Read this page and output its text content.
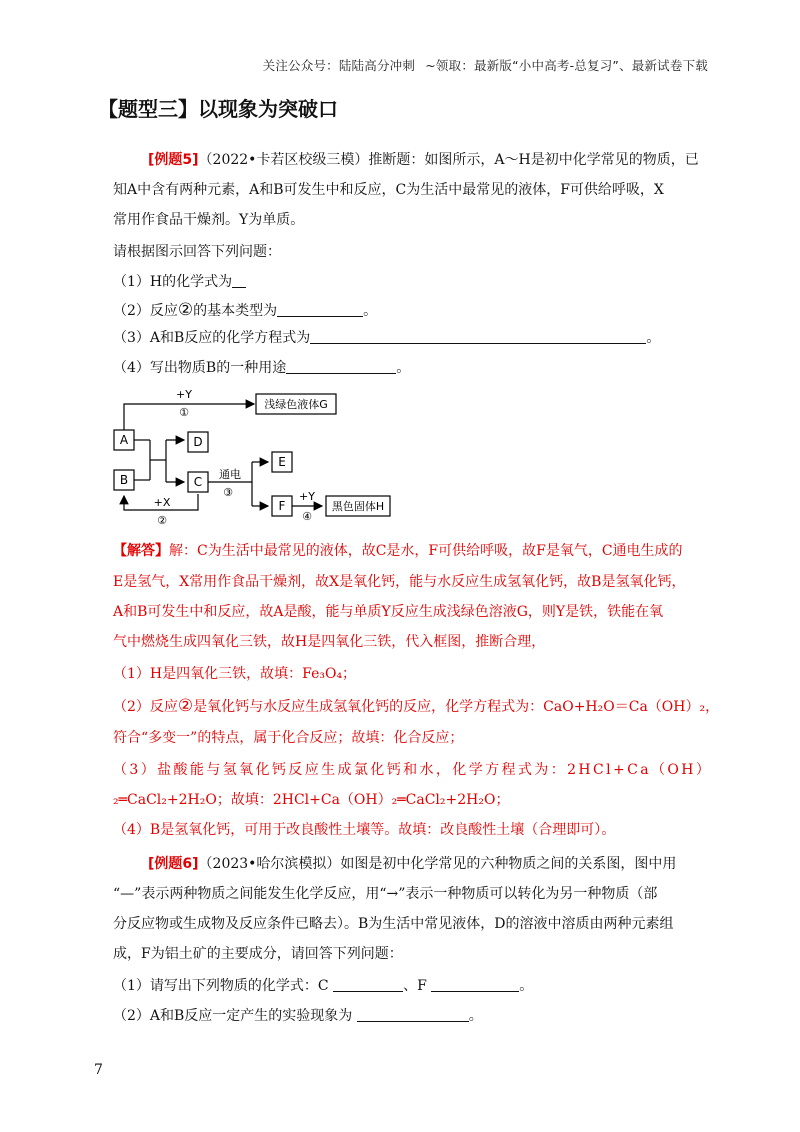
关注公众号：陆陆高分冲刺 ~领取：最新版“小中高考-总复习”、最新试卷下载
【题型三】以现象为突破口
[例题5]（2022•卡若区校级三模）推断题：如图所示，A～H是初中化学常见的物质，已
知A中含有两种元素，A和B可发生中和反应，C为生活中最常见的液体，F可供给呼吸，X
常用作食品干燥剂。Y为单质。
请根据图示回答下列问题：
（1）H的化学式为
（2）反应②的基本类型为	。
（3）A和B反应的化学方程式为	。
（4）写出物质B的一种用途	。
A
B
D
C
E
F
浅绿色液体G
黑色固体H
+Y
①
+X
②
通电
③	+Y
④
【解答】解：C为生活中最常见的液体，故C是水，F可供给呼吸，故F是氧气，C通电生成的
E是氢气，X常用作食品干燥剂，故X是氧化钙，能与水反应生成氢氧化钙，故B是氢氧化钙，
A和B可发生中和反应，故A是酸，能与单质Y反应生成浅绿色溶液G，则Y是铁，铁能在氧
气中燃烧生成四氧化三铁，故H是四氧化三铁，代入框图，推断合理，
（1）H是四氧化三铁，故填：Fe₃O₄；
（2）反应②是氧化钙与水反应生成氢氧化钙的反应，化学方程式为：CaO+H₂O＝Ca（OH）₂，
符合“多变一”的特点，属于化合反应；故填：化合反应；
（3）盐酸能与氢氧化钙反应生成氯化钙和水，化学方程式为：2HCl+Ca（OH）
₂═CaCl₂+2H₂O；故填：2HCl+Ca（OH）₂═CaCl₂+2H₂O；
（4）B是氢氧化钙，可用于改良酸性土壤等。故填：改良酸性土壤（合理即可）。
[例题6]（2023•哈尔滨模拟）如图是初中化学常见的六种物质之间的关系图，图中用
“—”表示两种物质之间能发生化学反应，用“→”表示一种物质可以转化为另一种物质（部
分反应物或生成物及反应条件已略去）。B为生活中常见液体，D的溶液中溶质由两种元素组
成，F为铝土矿的主要成分，请回答下列问题：
（1）请写出下列物质的化学式：C	、F	。
（2）A和B反应一定产生的实验现象为	。
7
